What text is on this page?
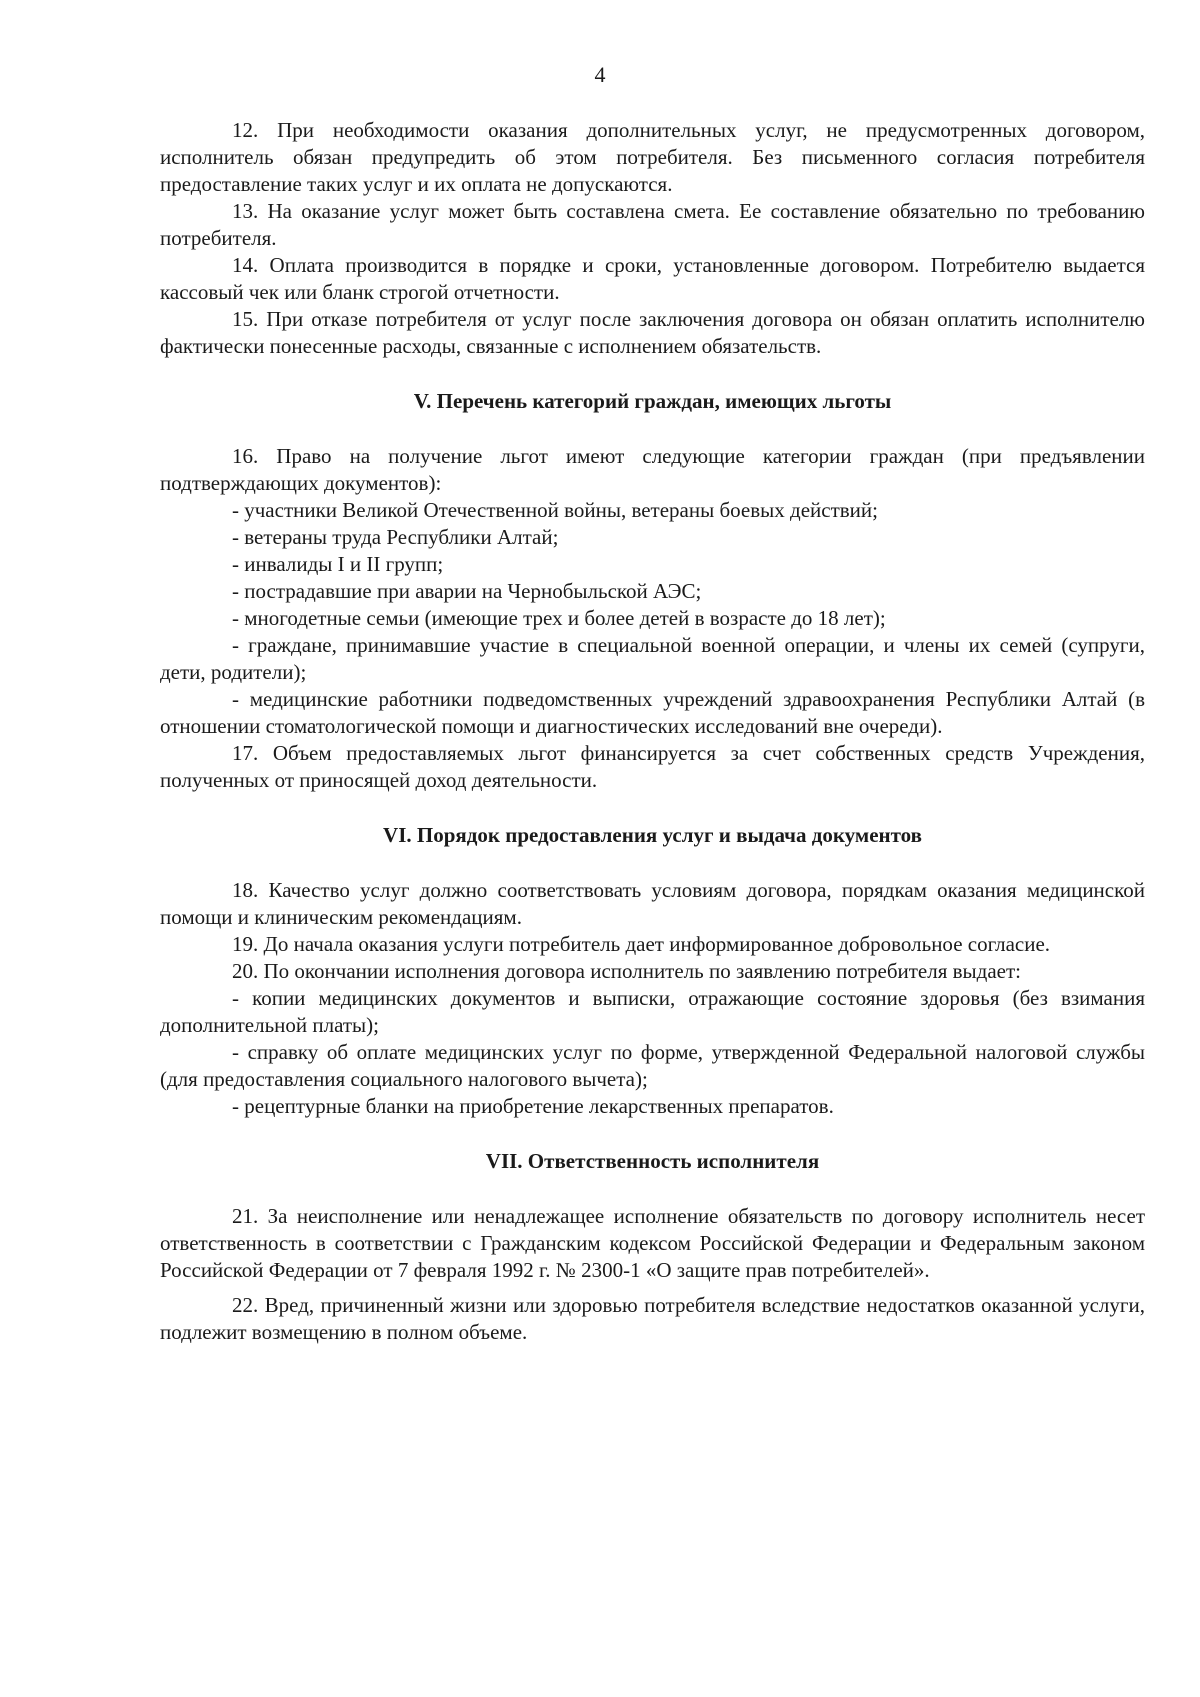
4

12. При необходимости оказания дополнительных услуг, не предусмотренных договором, исполнитель обязан предупредить об этом потребителя. Без письменного согласия потребителя предоставление таких услуг и их оплата не допускаются.

13. На оказание услуг может быть составлена смета. Ее составление обязательно по требованию потребителя.

14. Оплата производится в порядке и сроки, установленные договором. Потребителю выдается кассовый чек или бланк строгой отчетности.

15. При отказе потребителя от услуг после заключения договора он обязан оплатить исполнителю фактически понесенные расходы, связанные с исполнением обязательств.

V. Перечень категорий граждан, имеющих льготы

16. Право на получение льгот имеют следующие категории граждан (при предъявлении подтверждающих документов):

- участники Великой Отечественной войны, ветераны боевых действий;

- ветераны труда Республики Алтай;

- инвалиды I и II групп;

- пострадавшие при аварии на Чернобыльской АЭС;

- многодетные семьи (имеющие трех и более детей в возрасте до 18 лет);

- граждане, принимавшие участие в специальной военной операции, и члены их семей (супруги, дети, родители);

- медицинские работники подведомственных учреждений здравоохранения Республики Алтай (в отношении стоматологической помощи и диагностических исследований вне очереди).

17. Объем предоставляемых льгот финансируется за счет собственных средств Учреждения, полученных от приносящей доход деятельности.

VI. Порядок предоставления услуг и выдача документов

18. Качество услуг должно соответствовать условиям договора, порядкам оказания медицинской помощи и клиническим рекомендациям.

19. До начала оказания услуги потребитель дает информированное добровольное согласие.

20. По окончании исполнения договора исполнитель по заявлению потребителя выдает:

- копии медицинских документов и выписки, отражающие состояние здоровья (без взимания дополнительной платы);

- справку об оплате медицинских услуг по форме, утвержденной Федеральной налоговой службы (для предоставления социального налогового вычета);

- рецептурные бланки на приобретение лекарственных препаратов.

VII. Ответственность исполнителя

21. За неисполнение или ненадлежащее исполнение обязательств по договору исполнитель несет ответственность в соответствии с Гражданским кодексом Российской Федерации и Федеральным законом Российской Федерации от 7 февраля 1992 г. № 2300-1 «О защите прав потребителей».

22. Вред, причиненный жизни или здоровью потребителя вследствие недостатков оказанной услуги, подлежит возмещению в полном объеме.
